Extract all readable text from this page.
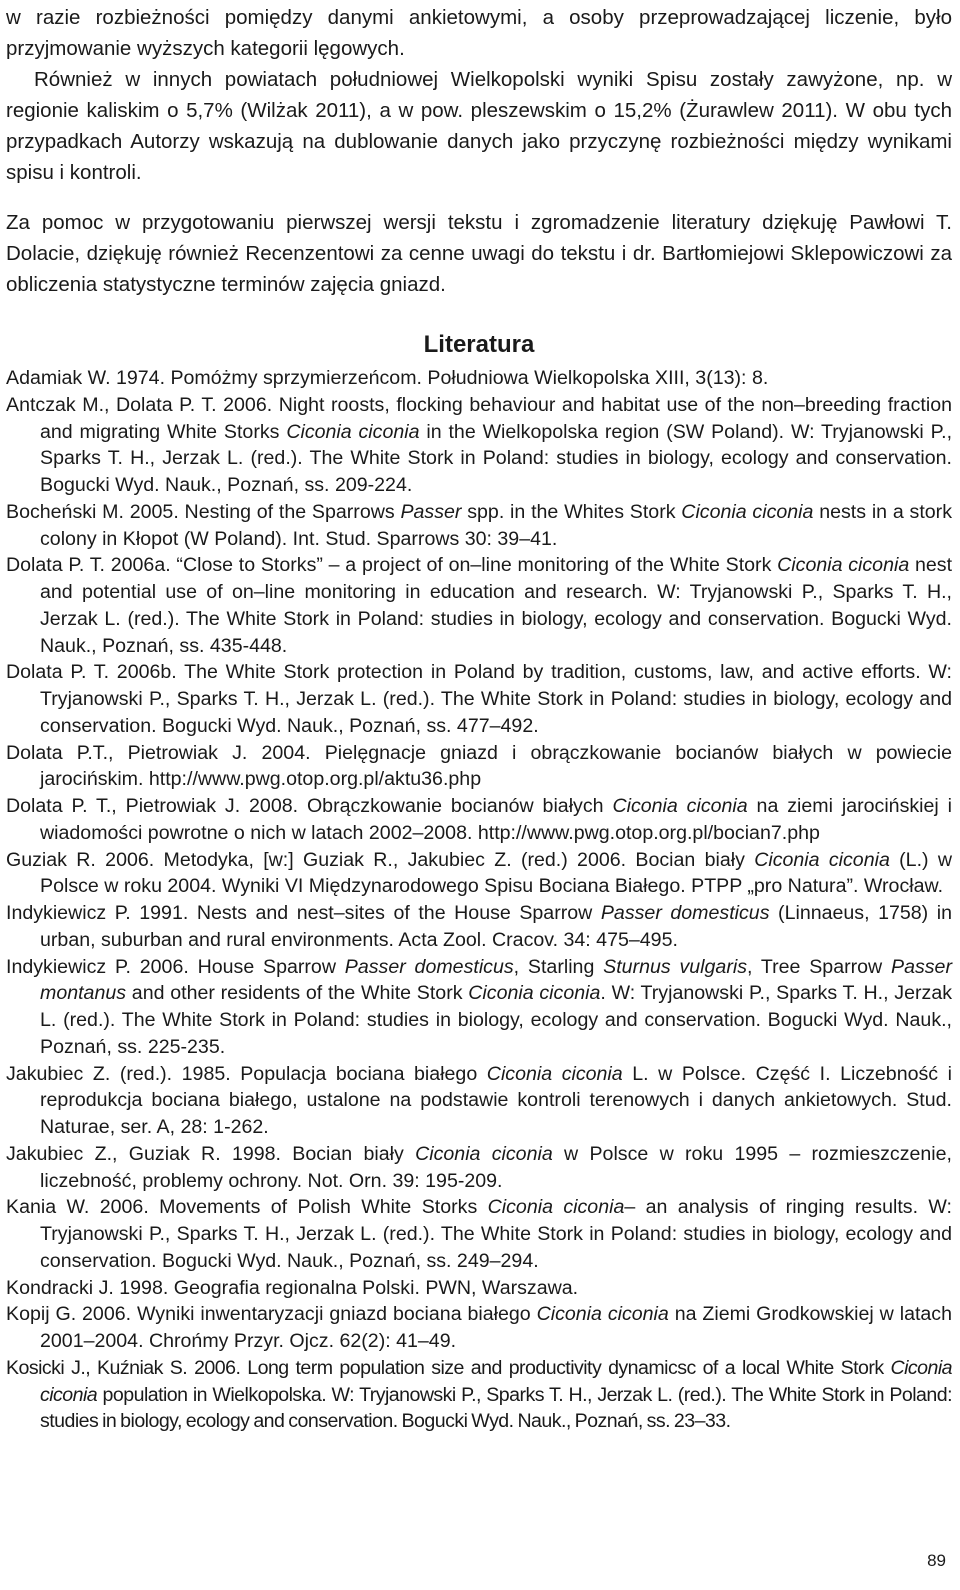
w razie rozbieżności pomiędzy danymi ankietowymi, a osoby przeprowadzającej liczenie, było przyjmowanie wyższych kategorii lęgowych.

Również w innych powiatach południowej Wielkopolski wyniki Spisu zostały zawyżone, np. w regionie kaliskim o 5,7% (Wilżak 2011), a w pow. pleszewskim o 15,2% (Żurawlew 2011). W obu tych przypadkach Autorzy wskazują na dublowanie danych jako przyczynę rozbieżności między wynikami spisu i kontroli.

Za pomoc w przygotowaniu pierwszej wersji tekstu i zgromadzenie literatury dziękuję Pawłowi T. Dolacie, dziękuję również Recenzentowi za cenne uwagi do tekstu i dr. Bartłomiejowi Sklepowiczowi za obliczenia statystyczne terminów zajęcia gniazd.

Literatura

Adamiak W. 1974. Pomóżmy sprzymierzeńcom. Południowa Wielkopolska XIII, 3(13): 8.

Antczak M., Dolata P. T. 2006. Night roosts, flocking behaviour and habitat use of the non–breeding fraction and migrating White Storks Ciconia ciconia in the Wielkopolska region (SW Poland). W: Tryjanowski P., Sparks T. H., Jerzak L. (red.). The White Stork in Poland: studies in biology, ecology and conservation. Bogucki Wyd. Nauk., Poznań, ss. 209-224.

Bocheński M. 2005. Nesting of the Sparrows Passer spp. in the Whites Stork Ciconia ciconia nests in a stork colony in Kłopot (W Poland). Int. Stud. Sparrows 30: 39–41.

Dolata P. T. 2006a. “Close to Storks” – a project of on–line monitoring of the White Stork Ciconia ciconia nest and potential use of on–line monitoring in education and research. W: Tryjanowski P., Sparks T. H., Jerzak L. (red.). The White Stork in Poland: studies in biology, ecology and conservation. Bogucki Wyd. Nauk., Poznań, ss. 435-448.

Dolata P. T. 2006b. The White Stork protection in Poland by tradition, customs, law, and active efforts. W: Tryjanowski P., Sparks T. H., Jerzak L. (red.). The White Stork in Poland: studies in biology, ecology and conservation. Bogucki Wyd. Nauk., Poznań, ss. 477–492.

Dolata P.T., Pietrowiak J. 2004. Pielęgnacje gniazd i obrączkowanie bocianów białych w powiecie jarocińskim. http://www.pwg.otop.org.pl/aktu36.php

Dolata P. T., Pietrowiak J. 2008. Obrączkowanie bocianów białych Ciconia ciconia na ziemi jarocińskiej i wiadomości powrotne o nich w latach 2002–2008. http://www.pwg.otop.org.pl/bocian7.php

Guziak R. 2006. Metodyka, [w:] Guziak R., Jakubiec Z. (red.) 2006. Bocian biały Ciconia ciconia (L.) w Polsce w roku 2004. Wyniki VI Międzynarodowego Spisu Bociana Białego. PTPP „pro Natura”. Wrocław.

Indykiewicz P. 1991. Nests and nest–sites of the House Sparrow Passer domesticus (Linnaeus, 1758) in urban, suburban and rural environments. Acta Zool. Cracov. 34: 475–495.

Indykiewicz P. 2006. House Sparrow Passer domesticus, Starling Sturnus vulgaris, Tree Sparrow Passer montanus and other residents of the White Stork Ciconia ciconia. W: Tryjanowski P., Sparks T. H., Jerzak L. (red.). The White Stork in Poland: studies in biology, ecology and conservation. Bogucki Wyd. Nauk., Poznań, ss. 225-235.

Jakubiec Z. (red.). 1985. Populacja bociana białego Ciconia ciconia L. w Polsce. Część I. Liczebność i reprodukcja bociana białego, ustalone na podstawie kontroli terenowych i danych ankietowych. Stud. Naturae, ser. A, 28: 1-262.

Jakubiec Z., Guziak R. 1998. Bocian biały Ciconia ciconia w Polsce w roku 1995 – rozmieszczenie, liczebność, problemy ochrony. Not. Orn. 39: 195-209.

Kania W. 2006. Movements of Polish White Storks Ciconia ciconia– an analysis of ringing results. W: Tryjanowski P., Sparks T. H., Jerzak L. (red.). The White Stork in Poland: studies in biology, ecology and conservation. Bogucki Wyd. Nauk., Poznań, ss. 249–294.

Kondracki J. 1998. Geografia regionalna Polski. PWN, Warszawa.

Kopij G. 2006. Wyniki inwentaryzacji gniazd bociana białego Ciconia ciconia na Ziemi Grodkowskiej w latach 2001–2004. Chrońmy Przyr. Ojcz. 62(2): 41–49.

Kosicki J., Kuźniak S. 2006. Long term population size and productivity dynamicsc of a local White Stork Ciconia ciconia population in Wielkopolska. W: Tryjanowski P., Sparks T. H., Jerzak L. (red.). The White Stork in Poland: studies in biology, ecology and conservation. Bogucki Wyd. Nauk., Poznań, ss. 23–33.

89
